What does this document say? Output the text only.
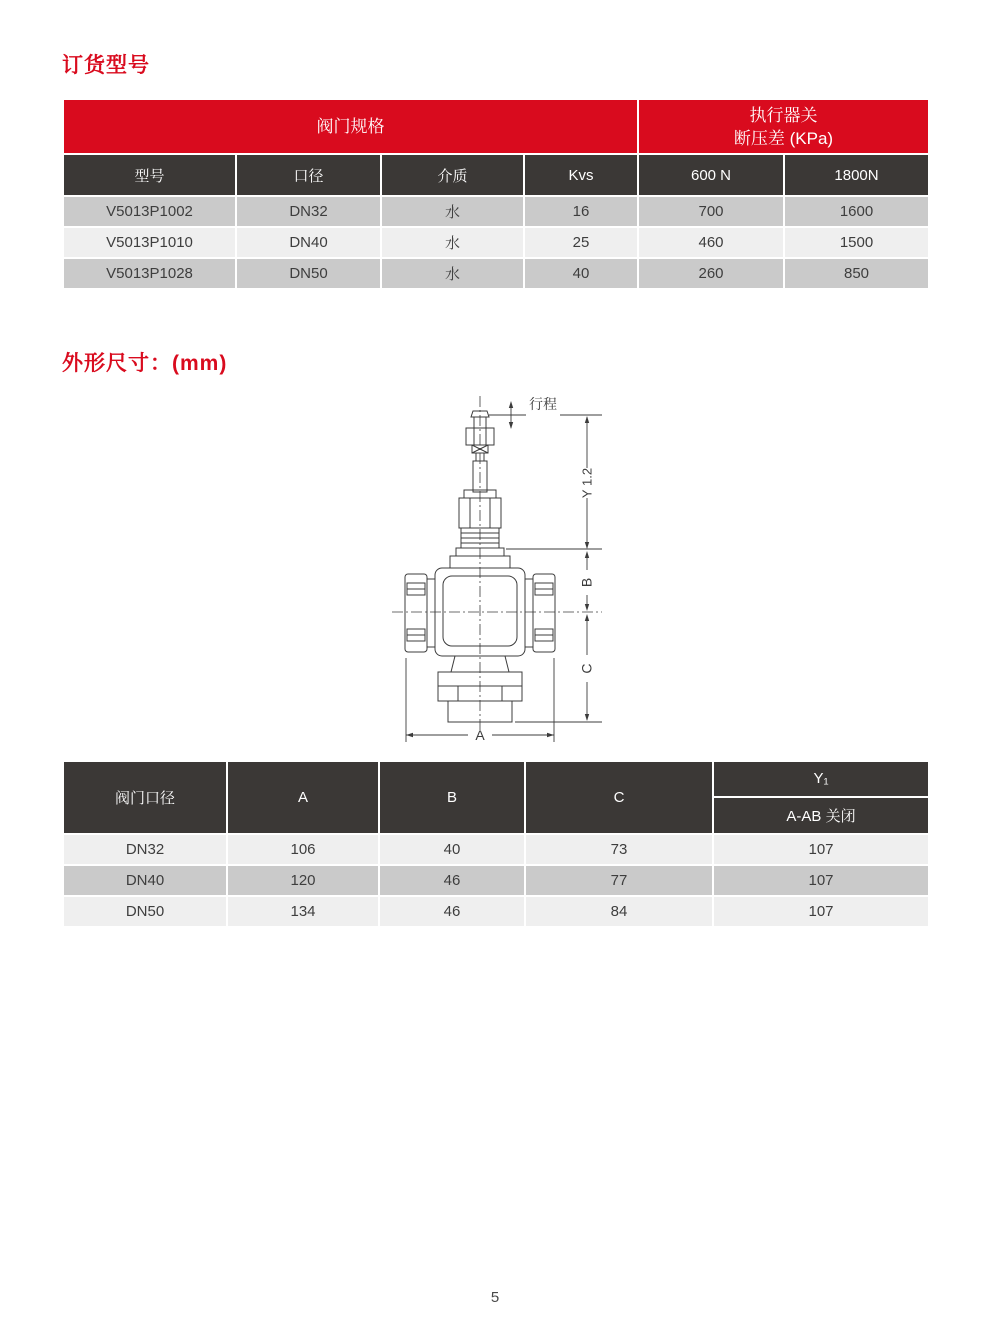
订货型号
阀门规格				执行器关
断压差 (KPa)	

型号	口径	介质	Kvs	600 N	1800N
V5013P1002	DN32	水	16	700	1600
V5013P1010	DN40	水	25	460	1500
V5013P1028	DN50	水	40	260	850
外形尺寸：(mm)
行程
Y 1.2
B
C
A
阀门口径	A	B	C	Y₁
				A-AB 关闭
DN32	106	40	73	107
DN40	120	46	77	107
DN50	134	46	84	107
5
